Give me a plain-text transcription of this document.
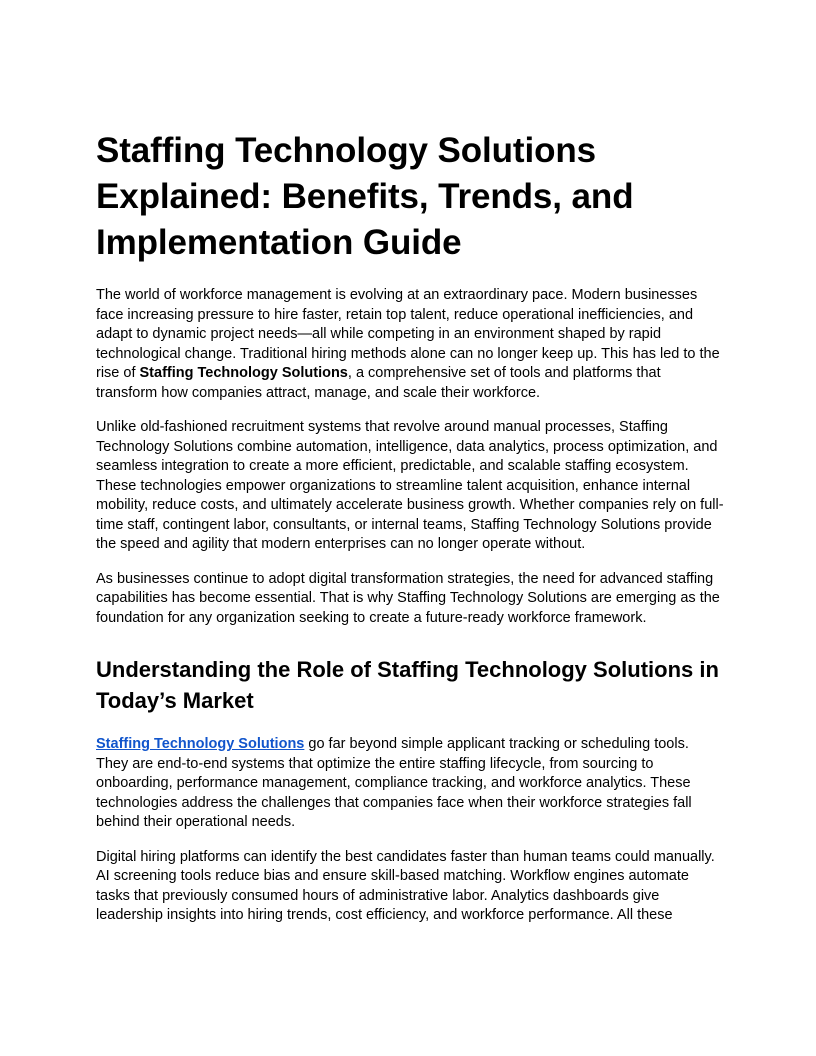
Staffing Technology Solutions Explained: Benefits, Trends, and Implementation Guide

The world of workforce management is evolving at an extraordinary pace. Modern businesses face increasing pressure to hire faster, retain top talent, reduce operational inefficiencies, and adapt to dynamic project needs—all while competing in an environment shaped by rapid technological change. Traditional hiring methods alone can no longer keep up. This has led to the rise of Staffing Technology Solutions, a comprehensive set of tools and platforms that transform how companies attract, manage, and scale their workforce.

Unlike old-fashioned recruitment systems that revolve around manual processes, Staffing Technology Solutions combine automation, intelligence, data analytics, process optimization, and seamless integration to create a more efficient, predictable, and scalable staffing ecosystem. These technologies empower organizations to streamline talent acquisition, enhance internal mobility, reduce costs, and ultimately accelerate business growth. Whether companies rely on full-time staff, contingent labor, consultants, or internal teams, Staffing Technology Solutions provide the speed and agility that modern enterprises can no longer operate without.

As businesses continue to adopt digital transformation strategies, the need for advanced staffing capabilities has become essential. That is why Staffing Technology Solutions are emerging as the foundation for any organization seeking to create a future-ready workforce framework.

Understanding the Role of Staffing Technology Solutions in Today’s Market

Staffing Technology Solutions go far beyond simple applicant tracking or scheduling tools. They are end-to-end systems that optimize the entire staffing lifecycle, from sourcing to onboarding, performance management, compliance tracking, and workforce analytics. These technologies address the challenges that companies face when their workforce strategies fall behind their operational needs.

Digital hiring platforms can identify the best candidates faster than human teams could manually. AI screening tools reduce bias and ensure skill-based matching. Workflow engines automate tasks that previously consumed hours of administrative labor. Analytics dashboards give leadership insights into hiring trends, cost efficiency, and workforce performance. All these
